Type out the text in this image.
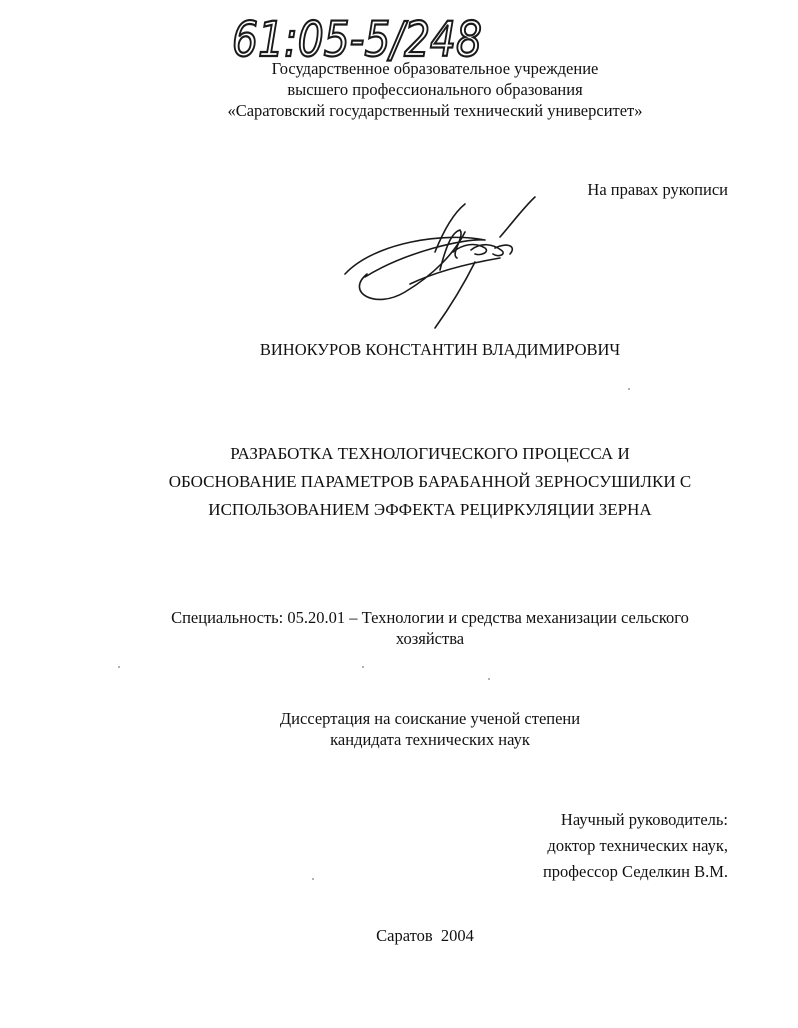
61:05-5/248
Государственное образовательное учреждение
высшего профессионального образования
«Саратовский государственный технический университет»
На правах рукописи
ВИНОКУРОВ КОНСТАНТИН ВЛАДИМИРОВИЧ
РАЗРАБОТКА ТЕХНОЛОГИЧЕСКОГО ПРОЦЕССА И
ОБОСНОВАНИЕ ПАРАМЕТРОВ БАРАБАННОЙ ЗЕРНОСУШИЛКИ С
ИСПОЛЬЗОВАНИЕМ ЭФФЕКТА РЕЦИРКУЛЯЦИИ ЗЕРНА
Специальность: 05.20.01 – Технологии и средства механизации сельского
хозяйства
Диссертация на соискание ученой степени
кандидата технических наук
Научный руководитель:
доктор технических наук,
профессор Седелкин В.М.
Саратов  2004
